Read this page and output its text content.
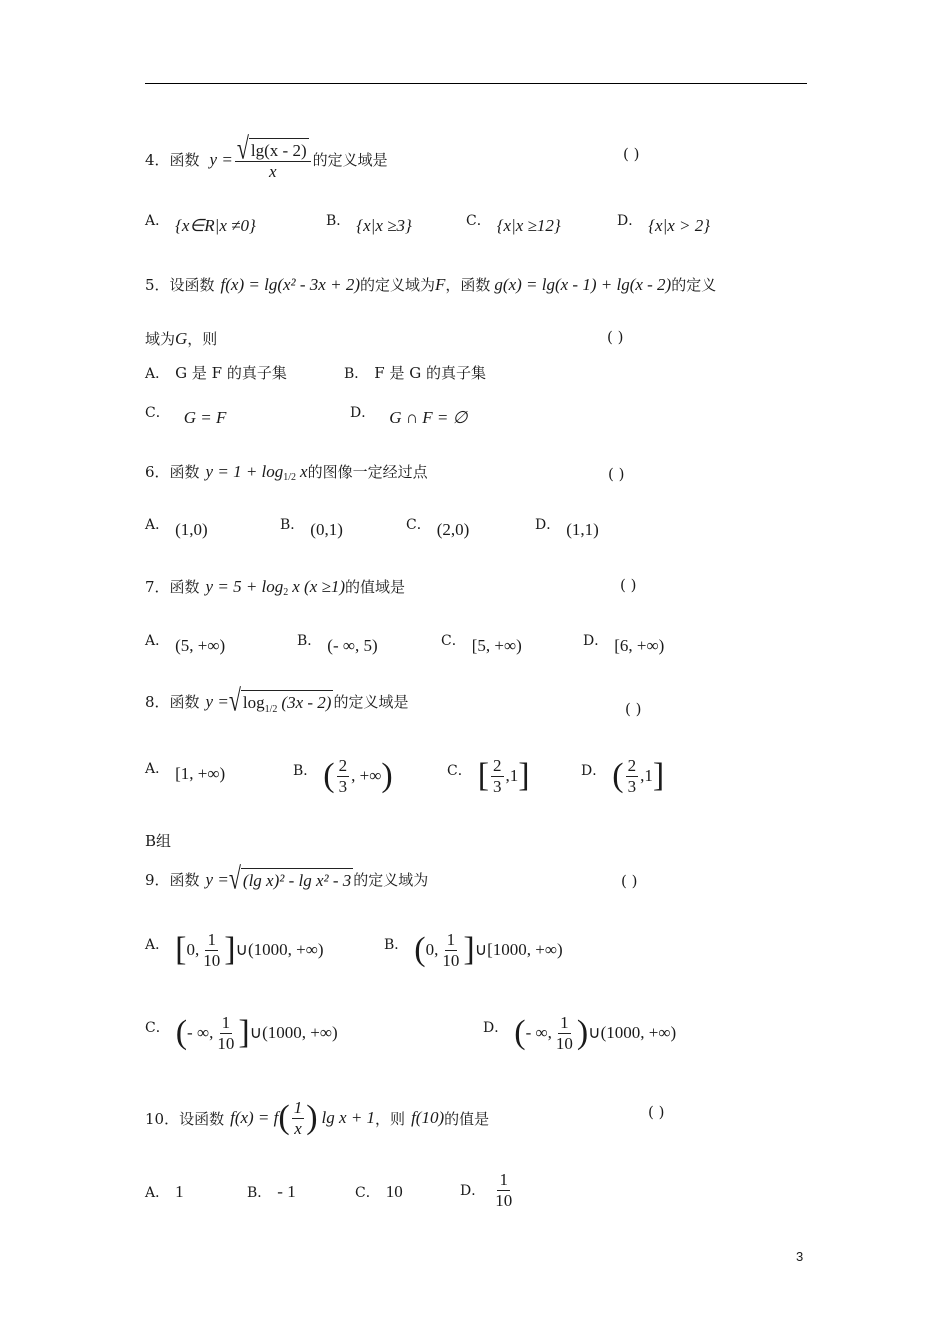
4．函数 $y = \frac{√ \lg(x - 2)}{x}$ 的定义域是	( )
A． {x∈R|x ≠0}	B． {x|x ≥3}	C． {x|x ≥12}	D． {x|x > 2}
5．设函数 f(x) = lg(x² - 3x + 2) 的定义域为 F ，函数 g(x) = lg(x - 1) + lg(x - 2) 的定义
域为 G ，则	( )
A． G 是 F 的真子集	B． F 是 G 的真子集
C． G = F	D． G ∩ F = ∅
6．函数 y = 1 + log 1/2 x 的图像一定经过点	( )
A． (1,0)	B． (0,1)	C． (2,0)	D． (1,1)
7．函数 y = 5 + log 2 x (x ≥1) 的值域是	( )
A． (5, +∞)	B． (- ∞, 5)	C． [5, +∞)	D． [6, +∞)
8．函数 y = √ log 1/2 (3x - 2) 的定义域是	( )
A． [1, +∞)	B． ( $\frac{2}{3}$ , +∞ )	C． [ $\frac{2}{3} ,1$ ]	D． ( $\frac{2}{3} ,1$ ]
B组
9．函数 y = √ (lg x)² - lg x² - 3 的定义域为	( )
A． [ 0, $\frac{1}{10}$ ] ∪(1000, +∞)	B． ( 0, $\frac{1}{10}$ ] ∪[1000, +∞)
C． ( - ∞, $\frac{1}{10}$ ] ∪(1000, +∞)	D． ( - ∞, $\frac{1}{10}$ ) ∪(1000, +∞)
10．设函数 f(x) = f ( $\frac{1}{x}$ ) lg x + 1 ，则 f(10) 的值是	( )
A． 1	B． - 1	C． 10	D． $\frac{1}{10}$
3
